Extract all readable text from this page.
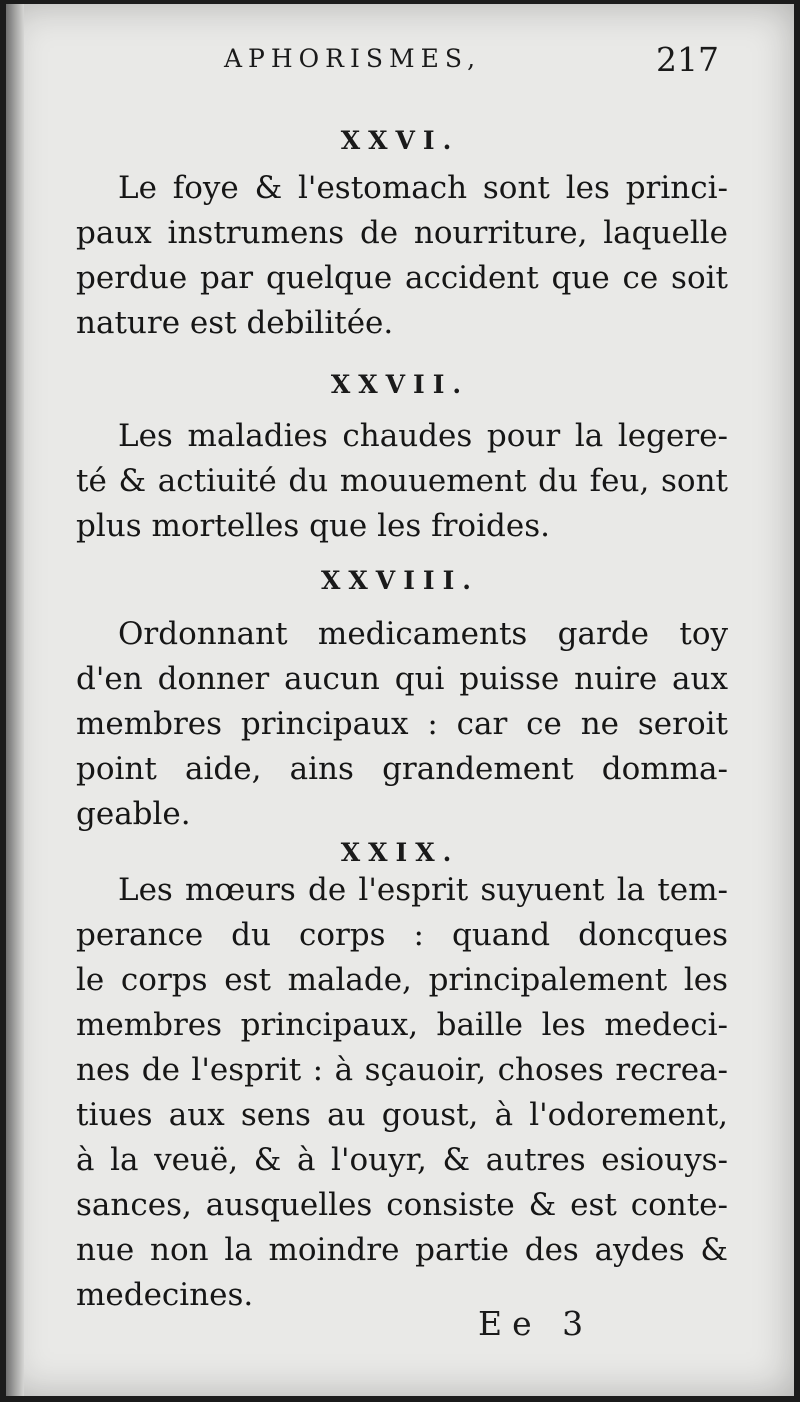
APHORISMES,	217
XXVI.
Le foye & l'estomach sont les princi-
paux instrumens de nourriture, laquelle
perdue par quelque accident que ce soit
nature est debilitée.
XXVII.
Les maladies chaudes pour la legere-
té & actiuité du mouuement du feu, sont
plus mortelles que les froides.
XXVIII.
Ordonnant medicaments garde toy
d'en donner aucun qui puisse nuire aux
membres principaux : car ce ne seroit
point aide, ains grandement domma-
geable.
XXIX.
Les mœurs de l'esprit suyuent la tem-
perance du corps : quand doncques
le corps est malade, principalement les
membres principaux, baille les medeci-
nes de l'esprit : à sçauoir, choses recrea-
tiues aux sens au goust, à l'odorement,
à la veuë, & à l'ouyr, & autres esiouys-
sances, ausquelles consiste & est conte-
nue non la moindre partie des aydes &
medecines.
Ee 3
